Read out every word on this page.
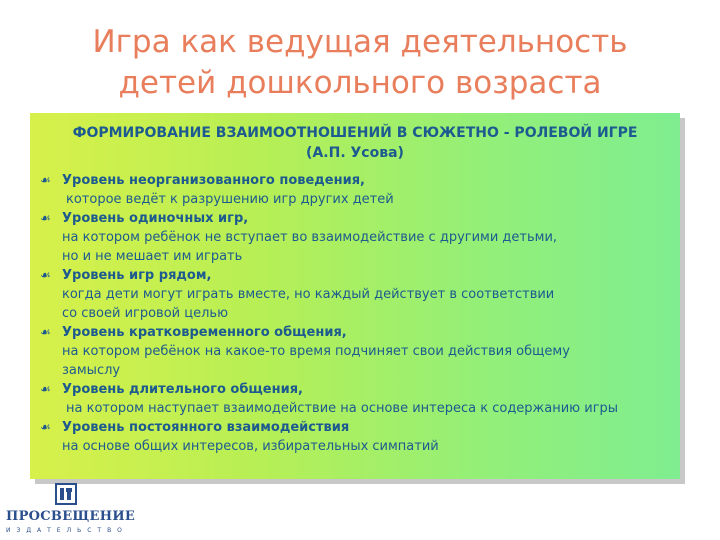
Игра как ведущая деятельность
детей дошкольного возраста
ФОРМИРОВАНИЕ ВЗАИМООТНОШЕНИЙ В СЮЖЕТНО - РОЛЕВОЙ ИГРЕ
(А.П. Усова)
☙ Уровень неорганизованного поведения,
которое ведёт к разрушению игр других детей
☙ Уровень одиночных игр,
на котором ребёнок не вступает во взаимодействие с другими детьми,
но и не мешает им играть
☙ Уровень игр рядом,
когда дети могут играть вместе, но каждый действует в соответствии
со своей игровой целью
☙ Уровень кратковременного общения,
на котором ребёнок на какое-то время подчиняет свои действия общему
замыслу
☙ Уровень длительного общения,
на котором наступает взаимодействие на основе интереса к содержанию игры
☙ Уровень постоянного взаимодействия
на основе общих интересов, избирательных симпатий
ПРОСВЕЩЕНИЕ
ИЗДАТЕЛЬСТВО
